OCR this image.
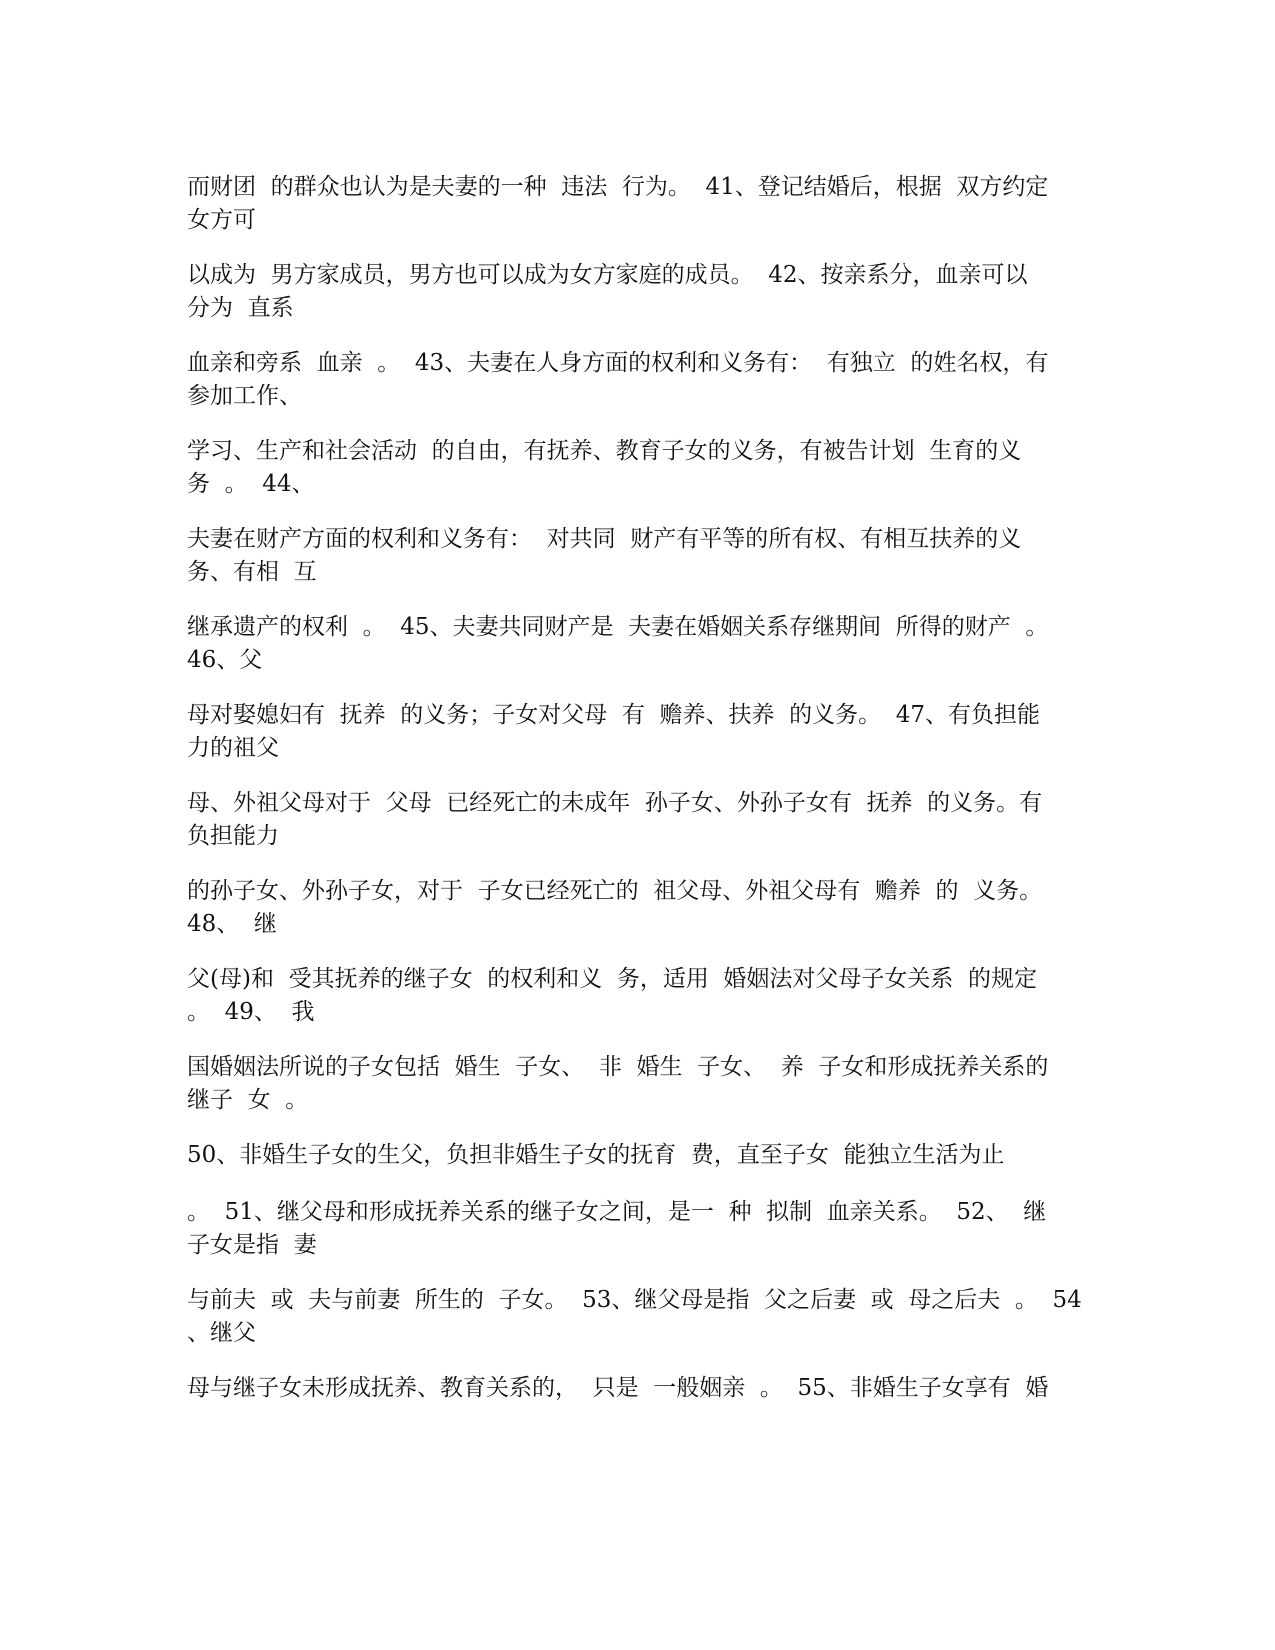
而财团  的群众也认为是夫妻的一种  违法  行为。  41、登记结婚后，根据  双方约定
女方可

以成为  男方家成员，男方也可以成为女方家庭的成员。  42、按亲系分，血亲可以
分为  直系

血亲和旁系  血亲  。  43、夫妻在人身方面的权利和义务有：  有独立  的姓名权，有
参加工作、

学习、生产和社会活动  的自由，有抚养、教育子女的义务，有被告计划  生育的义
务  。  44、

夫妻在财产方面的权利和义务有：  对共同  财产有平等的所有权、有相互扶养的义
务、有相  互

继承遗产的权利  。  45、夫妻共同财产是  夫妻在婚姻关系存继期间  所得的财产  。
46、父

母对娶媳妇有  抚养  的义务；子女对父母  有  赡养、扶养  的义务。  47、有负担能
力的祖父

母、外祖父母对于  父母  已经死亡的未成年  孙子女、外孙子女有  抚养  的义务。有
负担能力

的孙子女、外孙子女，对于  子女已经死亡的  祖父母、外祖父母有  赡养  的  义务。
48、  继

父(母)和  受其抚养的继子女  的权利和义  务，适用  婚姻法对父母子女关系  的规定
。  49、  我

国婚姻法所说的子女包括  婚生  子女、  非  婚生  子女、  养  子女和形成抚养关系的
继子  女  。

50、非婚生子女的生父，负担非婚生子女的抚育  费，直至子女  能独立生活为止

。  51、继父母和形成抚养关系的继子女之间，是一  种  拟制  血亲关系。  52、  继
子女是指  妻

与前夫  或  夫与前妻  所生的  子女。  53、继父母是指  父之后妻  或  母之后夫  。  54
、继父

母与继子女未形成抚养、教育关系的，  只是  一般姻亲  。  55、非婚生子女享有  婚
